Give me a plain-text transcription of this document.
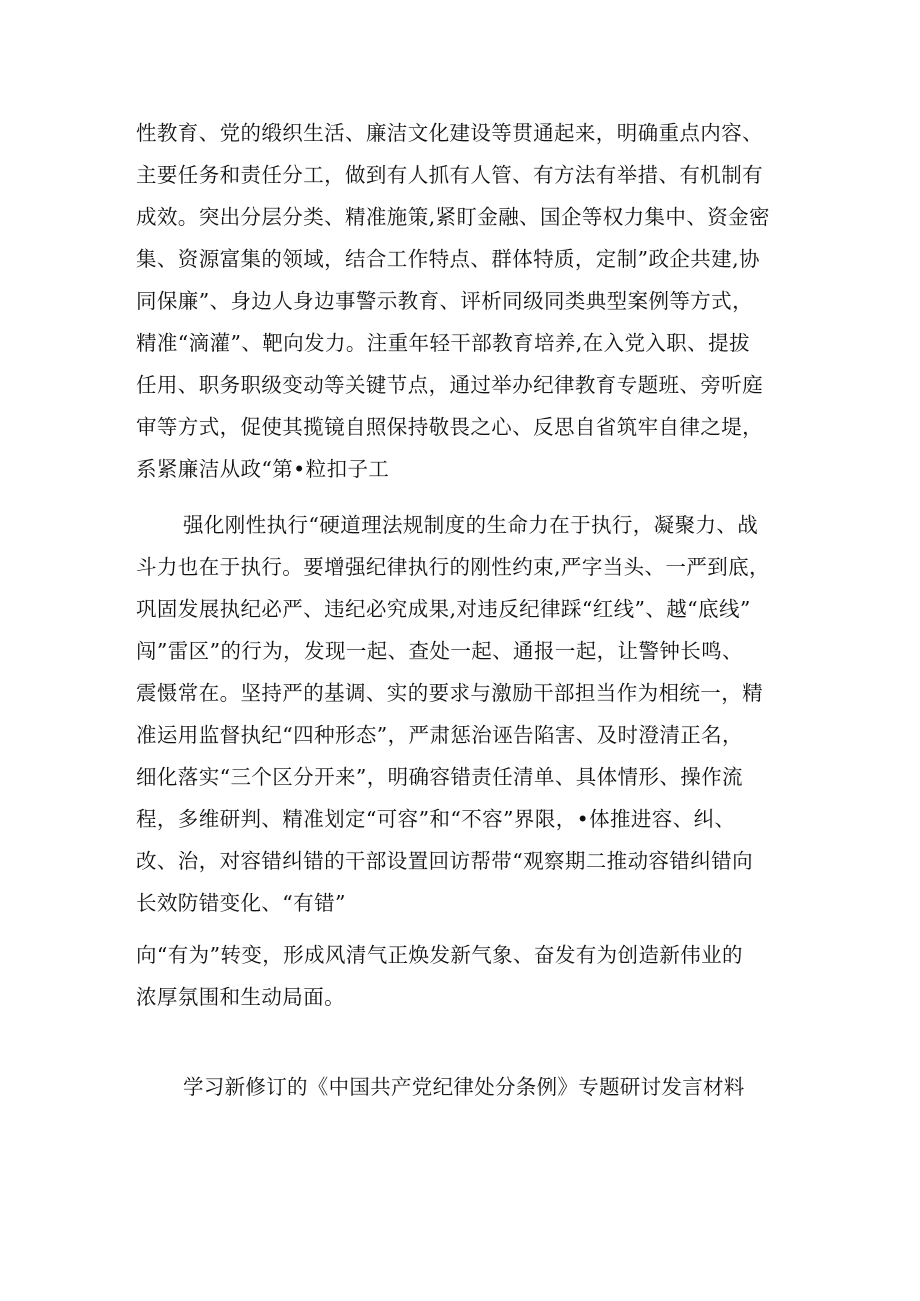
性教育、党的缎织生活、廉洁文化建设等贯通起来，明确重点内容、
主要任务和责任分工，做到有人抓有人管、有方法有举措、有机制有
成效。突出分层分类、精准施策,紧盯金融、国企等权力集中、资金密
集、资源富集的领域，结合工作特点、群体特质，定制”政企共建,协
同保廉”、身边人身边事警示教育、评析同级同类典型案例等方式，
精准“滴灌”、靶向发力。注重年轻干部教育培养,在入党入职、提拔
任用、职务职级变动等关键节点，通过举办纪律教育专题班、旁听庭
审等方式，促使其揽镜自照保持敬畏之心、反思自省筑牢自律之堤，
系紧廉洁从政“第•粒扣子工
强化刚性执行“硬道理法规制度的生命力在于执行，凝聚力、战
斗力也在于执行。要增强纪律执行的刚性约束,严字当头、一严到底，
巩固发展执纪必严、违纪必究成果,对违反纪律踩“红线”、越“底线”
闯”雷区”的行为，发现一起、查处一起、通报一起，让警钟长鸣、
震慑常在。坚持严的基调、实的要求与激励干部担当作为相统一，精
准运用监督执纪“四种形态”，严肃惩治诬告陷害、及时澄清正名，
细化落实“三个区分开来”，明确容错责任清单、具体情形、操作流
程，多维研判、精准划定“可容”和“不容”界限，•体推进容、纠、
改、治，对容错纠错的干部设置回访帮带“观察期二推动容错纠错向
长效防错变化、“有错”
向“有为”转变，形成风清气正焕发新气象、奋发有为创造新伟业的
浓厚氛围和生动局面。
学习新修订的《中国共产党纪律处分条例》专题研讨发言材料
